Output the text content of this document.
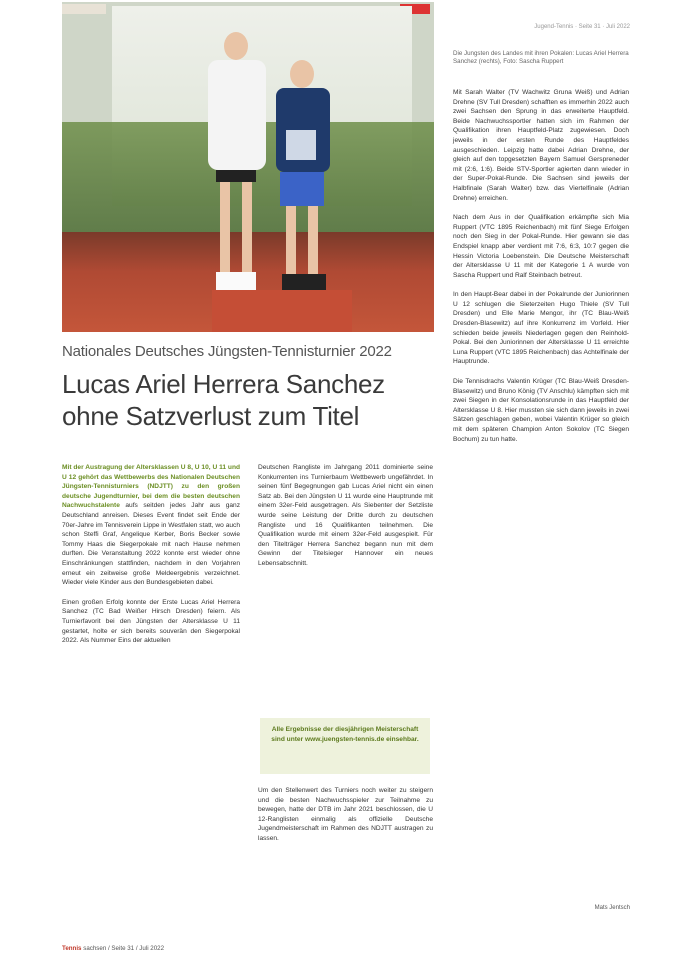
Jugend-Tennis · Seite 31 · Juli 2022
Die Jungsten des Landes mit ihren Pokalen: Lucas Ariel Herrera Sanchez (rechts), Foto: Sascha Ruppert
Nationales Deutsches Jüngsten-Tennisturnier 2022
Lucas Ariel Herrera Sanchez
ohne Satzverlust zum Titel

Mit der Austragung der Altersklassen U 8, U 10, U 11 und U 12 gehört das Wettbewerbs des Nationalen Deutschen Jüngsten-Tennisturniers (NDJTT) zu den großen deutsche Jugendturnier, bei dem die besten deutschen Nachwuchstalente aufs seitden jedes Jahr aus ganz Deutschland anreisen. Dieses Event findet seit Ende der 70er-Jahre im Tennisverein Lippe in Westfalen statt, wo auch schon Steffi Graf, Angelique Kerber, Boris Becker sowie Tommy Haas die Siegerpokale mit nach Hause nehmen durften. Die Veranstaltung 2022 konnte erst wieder ohne Einschränkungen stattfinden, nachdem in den Vorjahren erneut ein zeitweise große Meldeergebnis verzeichnet. Wieder viele Kinder aus den Bundesgebieten dabei.

Einen großen Erfolg konnte der Erste Lucas Ariel Herrera Sanchez (TC Bad Weißer Hirsch Dresden) feiern. Als Turnierfavorit bei den Jüngsten der Altersklasse U 11 gestartet, holte er sich bereits souverän den Siegerpokal 2022. Als Nummer Eins der aktuellen

Deutschen Rangliste im Jahrgang 2011 dominierte seine Konkurrenten ins Turnierbaum Wettbewerb ungefährdet. In seinen fünf Begegnungen gab Lucas Ariel nicht ein einen Satz ab. Bei den Jüngsten U 11 wurde eine Hauptrunde mit einem 32er-Feld ausgetragen. Als Siebenter der Setzliste wurde seine Leistung der Dritte durch zu deutschen Rangliste und 16 Qualifikanten teilnehmen. Die Qualifikation wurde mit einem 32er-Feld ausgespielt. Für den Titelträger Herrera Sanchez begann nun mit dem Gewinn der Titelsieger Hannover ein neues Lebensabschnitt.

Alle Ergebnisse der diesjährigen Meisterschaft sind unter www.juengsten-tennis.de einsehbar.

Um den Stellenwert des Turniers noch weiter zu steigern und die besten Nachwuchsspieler zur Teilnahme zu bewegen, hatte der DTB im Jahr 2021 beschlossen, die U 12-Ranglisten einmalig als offizielle Deutsche Jugendmeisterschaft im Rahmen des NDJTT austragen zu lassen.

Mit Sarah Walter (TV Wachwitz Gruna Weiß) und Adrian Drehne (SV Tull Dresden) schafften es immerhin 2022 auch zwei Sachsen den Sprung in das erweiterte Hauptfeld. Beide Nachwuchssportler hatten sich im Rahmen der Qualifikation ihren Hauptfeld-Platz zugewiesen. Doch jeweils in der ersten Runde des Hauptfeldes ausgeschieden. Leipzig hatte dabei Adrian Drehne, der gleich auf den topgesetzten Bayern Samuel Gerspreneder mit (2:6, 1:6). Beide STV-Sportler agierten dann wieder in der Super-Pokal-Runde. Die Sachsen sind jeweils der Halbfinale (Sarah Walter) bzw. das Viertelfinale (Adrian Drehne) erreichen.

Nach dem Aus in der Qualifikation erkämpfte sich Mia Ruppert (VTC 1895 Reichenbach) mit fünf Siege Erfolgen noch den Sieg in der Pokal-Runde. Hier gewann sie das Endspiel knapp aber verdient mit 7:6, 6:3, 10:7 gegen die Hessin Victoria Loebenstein. Die Deutsche Meisterschaft der Altersklasse U 11 mit der Kategorie 1 A wurde von Sascha Ruppert und Ralf Steinbach betreut.

In den Haupt-Bear dabei in der Pokalrunde der Juniorinnen U 12 schlugen die Sieterzeiten Hugo Thiele (SV Tull Dresden) und Elle Marie Mengor, ihr (TC Blau-Weiß Dresden-Blasewitz) auf ihre Konkurrenz im Vorfeld. Hier schieden beide jeweils Niederlagen gegen den Reinhold-Pokal. Bei den Juniorinnen der Altersklasse U 11 erreichte Luna Ruppert (VTC 1895 Reichenbach) das Achtelfinale der Hauptrunde.

Die Tennisdrachs Valentin Krüger (TC Blau-Weiß Dresden-Blasewitz) und Bruno König (TV Anschlu) kämpften sich mit zwei Siegen in der Konsolationsrunde in das Hauptfeld der Altersklasse U 8. Hier mussten sie sich dann jeweils in zwei Sätzen geschlagen geben, wobei Valentin Krüger so gleich mit dem späteren Champion Anton Sokolov (TC Siegen Bochum) zu tun hatte.

Mats Jentsch
Tennis sachsen / Seite 31 / Juli 2022
